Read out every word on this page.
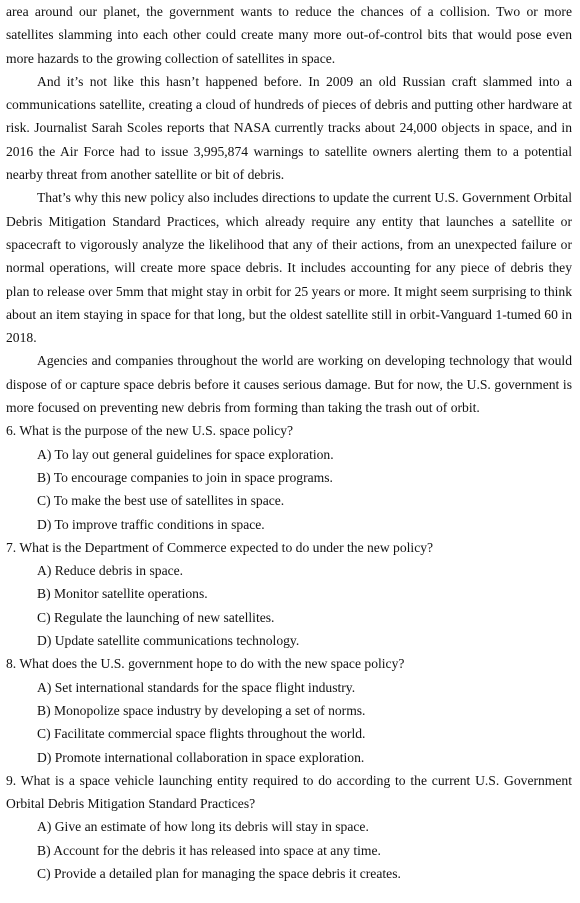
area around our planet, the government wants to reduce the chances of a collision. Two or more satellites slamming into each other could create many more out-of-control bits that would pose even more hazards to the growing collection of satellites in space.

And it’s not like this hasn’t happened before. In 2009 an old Russian craft slammed into a communications satellite, creating a cloud of hundreds of pieces of debris and putting other hardware at risk. Journalist Sarah Scoles reports that NASA currently tracks about 24,000 objects in space, and in 2016 the Air Force had to issue 3,995,874 warnings to satellite owners alerting them to a potential nearby threat from another satellite or bit of debris.

That’s why this new policy also includes directions to update the current U.S. Government Orbital Debris Mitigation Standard Practices, which already require any entity that launches a satellite or spacecraft to vigorously analyze the likelihood that any of their actions, from an unexpected failure or normal operations, will create more space debris. It includes accounting for any piece of debris they plan to release over 5mm that might stay in orbit for 25 years or more. It might seem surprising to think about an item staying in space for that long, but the oldest satellite still in orbit-Vanguard 1-tumed 60 in 2018.

Agencies and companies throughout the world are working on developing technology that would dispose of or capture space debris before it causes serious damage. But for now, the U.S. government is more focused on preventing new debris from forming than taking the trash out of orbit.

6. What is the purpose of the new U.S. space policy?

A) To lay out general guidelines for space exploration.
B) To encourage companies to join in space programs.
C) To make the best use of satellites in space.
D) To improve traffic conditions in space.

7. What is the Department of Commerce expected to do under the new policy?

A) Reduce debris in space.
B) Monitor satellite operations.
C) Regulate the launching of new satellites.
D) Update satellite communications technology.

8. What does the U.S. government hope to do with the new space policy?

A) Set international standards for the space flight industry.
B) Monopolize space industry by developing a set of norms.
C) Facilitate commercial space flights throughout the world.
D) Promote international collaboration in space exploration.

9. What is a space vehicle launching entity required to do according to the current U.S. Government Orbital Debris Mitigation Standard Practices?

A) Give an estimate of how long its debris will stay in space.
B) Account for the debris it has released into space at any time.
C) Provide a detailed plan for managing the space debris it creates.
